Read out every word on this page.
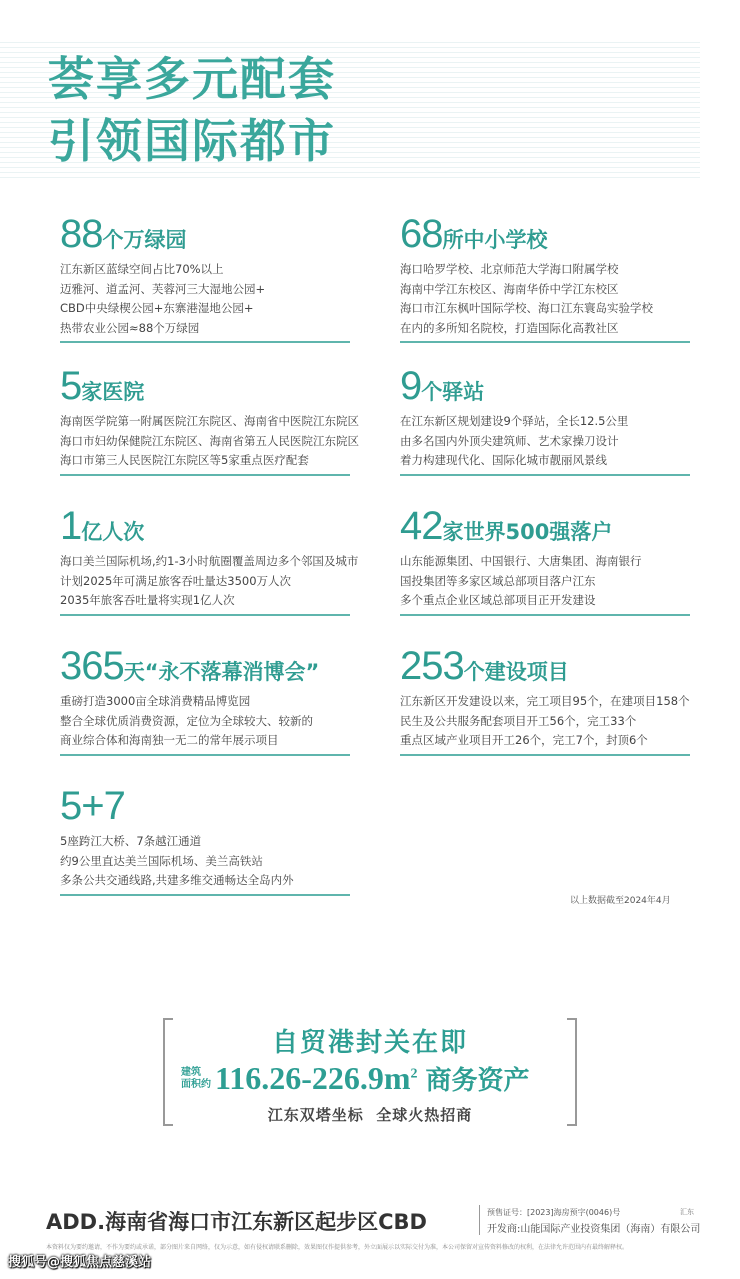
荟享多元配套
引领国际都市
88 个万绿园
江东新区蓝绿空间占比70%以上
迈雅河、道孟河、芙蓉河三大湿地公园+
CBD中央绿楔公园+东寨港湿地公园+
热带农业公园≈88个万绿园
68 所中小学校
海口哈罗学校、北京师范大学海口附属学校
海南中学江东校区、海南华侨中学江东校区
海口市江东枫叶国际学校、海口江东寰岛实验学校
在内的多所知名院校，打造国际化高教社区
5 家医院
海南医学院第一附属医院江东院区、海南省中医院江东院区
海口市妇幼保健院江东院区、海南省第五人民医院江东院区
海口市第三人民医院江东院区等5家重点医疗配套
9 个驿站
在江东新区规划建设9个驿站，全长12.5公里
由多名国内外顶尖建筑师、艺术家操刀设计
着力构建现代化、国际化城市靓丽风景线
1 亿人次
海口美兰国际机场,约1-3小时航圈覆盖周边多个邻国及城市
计划2025年可满足旅客吞吐量达3500万人次
2035年旅客吞吐量将实现1亿人次
42 家世界500强落户
山东能源集团、中国银行、大唐集团、海南银行
国投集团等多家区域总部项目落户江东
多个重点企业区域总部项目正开发建设
365 天“永不落幕消博会”
重磅打造3000亩全球消费精品博览园
整合全球优质消费资源，定位为全球较大、较新的
商业综合体和海南独一无二的常年展示项目
253 个建设项目
江东新区开发建设以来，完工项目95个，在建项目158个
民生及公共服务配套项目开工56个，完工33个
重点区域产业项目开工26个，完工7个，封顶6个
5+7
5座跨江大桥、7条越江通道
约9公里直达美兰国际机场、美兰高铁站
多条公共交通线路,共建多维交通畅达全岛内外
以上数据截至2024年4月
自贸港封关在即
建筑
面积约 $116.26-226.9m^2$ 商务资产
江东双塔坐标  全球火热招商
ADD.海南省海口市江东新区起步区CBD	预售证号：[2023]海房预字(0046)号
开发商:山能国际产业投资集团（海南）有限公司
汇东
本资料仅为要约邀请，不作为要约或承诺，部分图片来自网络，仅为示意，如有侵权请联系删除，效果图仅作提供参考，外立面展示以实际交付为准，本公司保留对宣传资料修改的权利，在法律允许范围内有最终解释权。
搜狐号@搜狐焦点慈溪站
